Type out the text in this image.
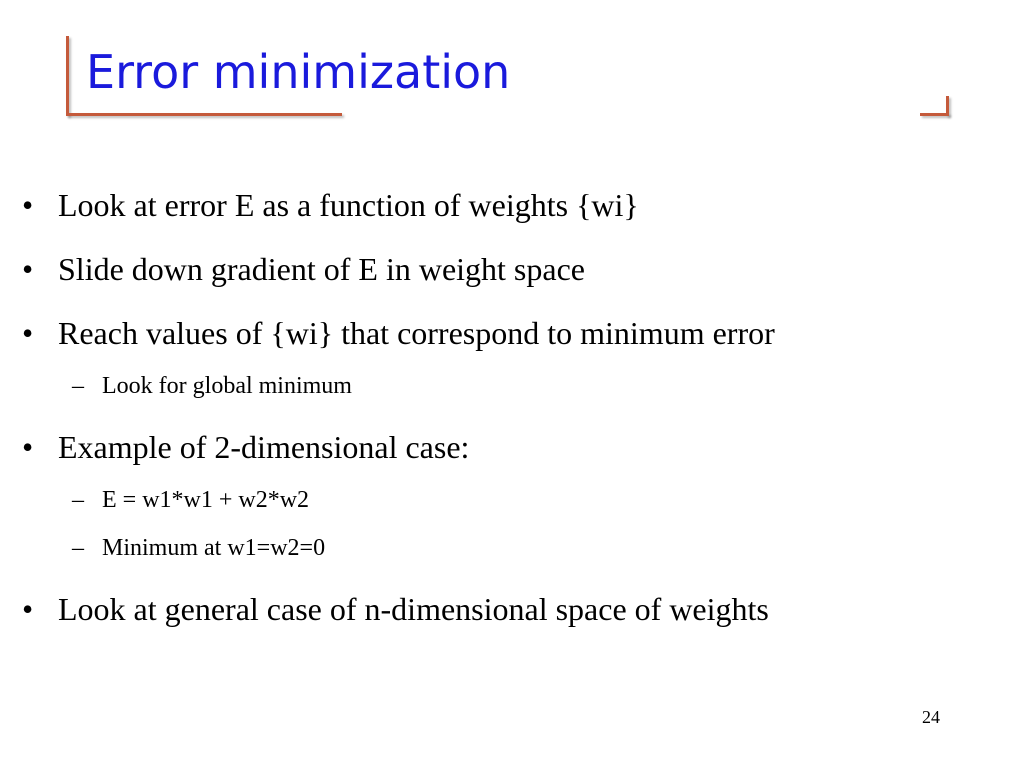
Error minimization
• Look at error E as a function of weights {wi}
• Slide down gradient of E in weight space
• Reach values of {wi} that correspond to minimum error
– Look for global minimum
• Example of 2-dimensional case:
– E = w1*w1 + w2*w2
– Minimum at w1=w2=0
• Look at general case of n-dimensional space of weights
24
